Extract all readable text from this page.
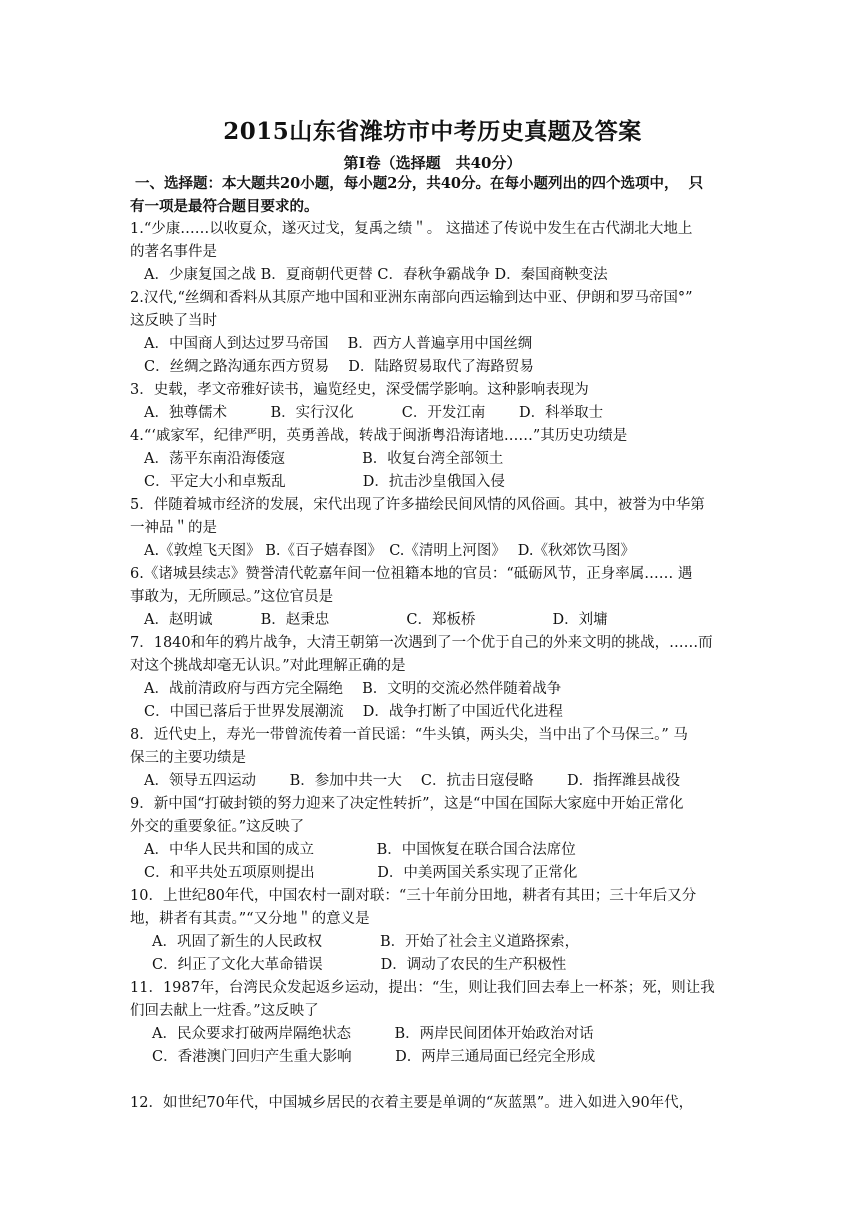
2015山东省潍坊市中考历史真题及答案
第Ⅰ卷（选择题　共40分）
一、选择题：本大题共20小题，每小题2分，共40分。在每小题列出的四个选项中，  只
有一项是最符合题目要求的。
1.“少康……以收夏众，遂灭过戈，复禹之绩＂。 这描述了传说中发生在古代湖北大地上
的著名事件是
A．少康复国之战 B．夏商朝代更替 C．春秋争霸战争 D．秦国商鞅变法
2.汉代,“丝绸和香料从其原产地中国和亚洲东南部向西运输到达中亚、伊朗和罗马帝国°”
这反映了当时
A．中国商人到达过罗马帝国　 B．西方人普遍享用中国丝绸
C．丝绸之路沟通东西方贸易　 D．陆路贸易取代了海路贸易
3．史载，孝文帝雅好读书，遍览经史，深受儒学影响。这种影响表现为
A．独尊儒术　　　B．实行汉化　　　 C．开发江南　　 D．科举取士
4.“‘戚家军，纪律严明，英勇善战，转战于闽浙粤沿海诸地……”其历史功绩是
A．荡平东南沿海倭寇　　　　　 B．收复台湾全部领土
C．平定大小和卓叛乱　　　　　 D．抗击沙皇俄国入侵
5．伴随着城市经济的发展，宋代出现了许多描绘民间风情的风俗画。其中，被誉为中华第
一神品＂的是
A.《敦煌飞天图》 B.《百子嬉春图》　C.《清明上河图》　 D.《秋郊饮马图》
6.《诸城县续志》赞誉清代乾嘉年间一位祖籍本地的官员：“砥砺风节，正身率属…… 遇
事敢为，无所顾忌。”这位官员是
A．赵明诚　　　 B．赵秉忠　　　　　 C．郑板桥　　　　　 D．刘墉
7．1840和年的鸦片战争，大清王朝第一次遇到了一个优于自己的外来文明的挑战，……而
对这个挑战却毫无认识。”对此理解正确的是
A．战前清政府与西方完全隔绝　 B．文明的交流必然伴随着战争
C．中国已落后于世界发展潮流　 D．战争打断了中国近代化进程
8．近代史上，寿光一带曾流传着一首民谣：“牛头镇，两头尖，当中出了个马保三。” 马
保三的主要功绩是
A．领导五四运动　　 B．参加中共一大　 C．抗击日寇侵略　　 D．指挥潍县战役
9．新中国“打破封锁的努力迎来了决定性转折”，这是“中国在国际大家庭中开始正常化
外交的重要象征。”这反映了
A．中华人民共和国的成立　　　　 B．中国恢复在联合国合法席位
C．和平共处五项原则提出　　　　 D．中美两国关系实现了正常化
10．上世纪80年代，中国农村一副对联：“三十年前分田地，耕者有其田；三十年后又分
地，耕者有其责。”“又分地＂的意义是
A．巩固了新生的人民政权　　　　B．开始了社会主义道路探索，
C．纠正了文化大革命错误　　　　D．调动了农民的生产积极性
11．1987年，台湾民众发起返乡运动，提出：“生，则让我们回去奉上一杯茶；死，则让我
们回去献上一炷香。”这反映了
A．民众要求打破两岸隔绝状态　　　B．两岸民间团体开始政治对话
C．香港澳门回归产生重大影响　　　D．两岸三通局面已经完全形成
12．如世纪70年代，中国城乡居民的衣着主要是单调的“灰蓝黑”。进入如进入90年代，
